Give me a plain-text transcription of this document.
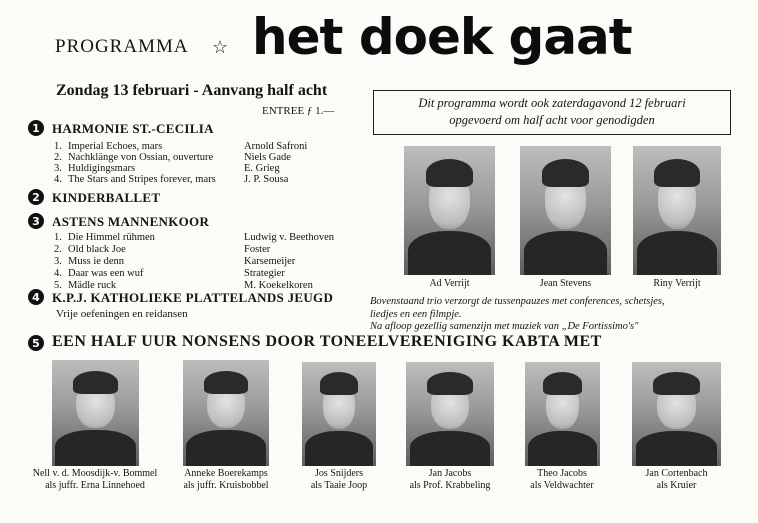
PROGRAMMA ☆ het doek gaat
Zondag 13 februari - Aanvang half acht
ENTREE ƒ 1.—
Dit programma wordt ook zaterdagavond 12 februari
opgevoerd om half acht voor genodigden
1 HARMONIE ST.-CECILIA
1. Imperial Echoes, mars	Arnold Safroni
2. Nachklänge von Ossian, ouverture	Niels Gade
3. Huldigingsmars	E. Grieg
4. The Stars and Stripes forever, mars	J. P. Sousa
2 KINDERBALLET
3 ASTENS MANNENKOOR
1. Die Himmel rühmen	Ludwig v. Beethoven
2. Old black Joe	Foster
3. Muss ie denn	Karsemeijer
4. Daar was een wuf	Strategier
5. Mädle ruck	M. Koekelkoren
4 K.P.J. KATHOLIEKE PLATTELANDS JEUGD
Vrije oefeningen en reidansen
5 EEN HALF UUR NONSENS DOOR TONEELVERENIGING KABTA MET
Ad Verrijt	Jean Stevens	Riny Verrijt
Bovenstaand trio verzorgt de tussenpauzes met conferences, schetsjes,
liedjes en een filmpje.
Na afloop gezellig samenzijn met muziek van „De Fortissimo's"
Nell v. d. Moosdijk-v. Bommel
als juffr. Erna Linnehoed
Anneke Boerekamps
als juffr. Kruisbobbel
Jos Snijders
als Taaie Joop
Jan Jacobs
als Prof. Krabbeling
Theo Jacobs
als Veldwachter
Jan Cortenbach
als Kruier
